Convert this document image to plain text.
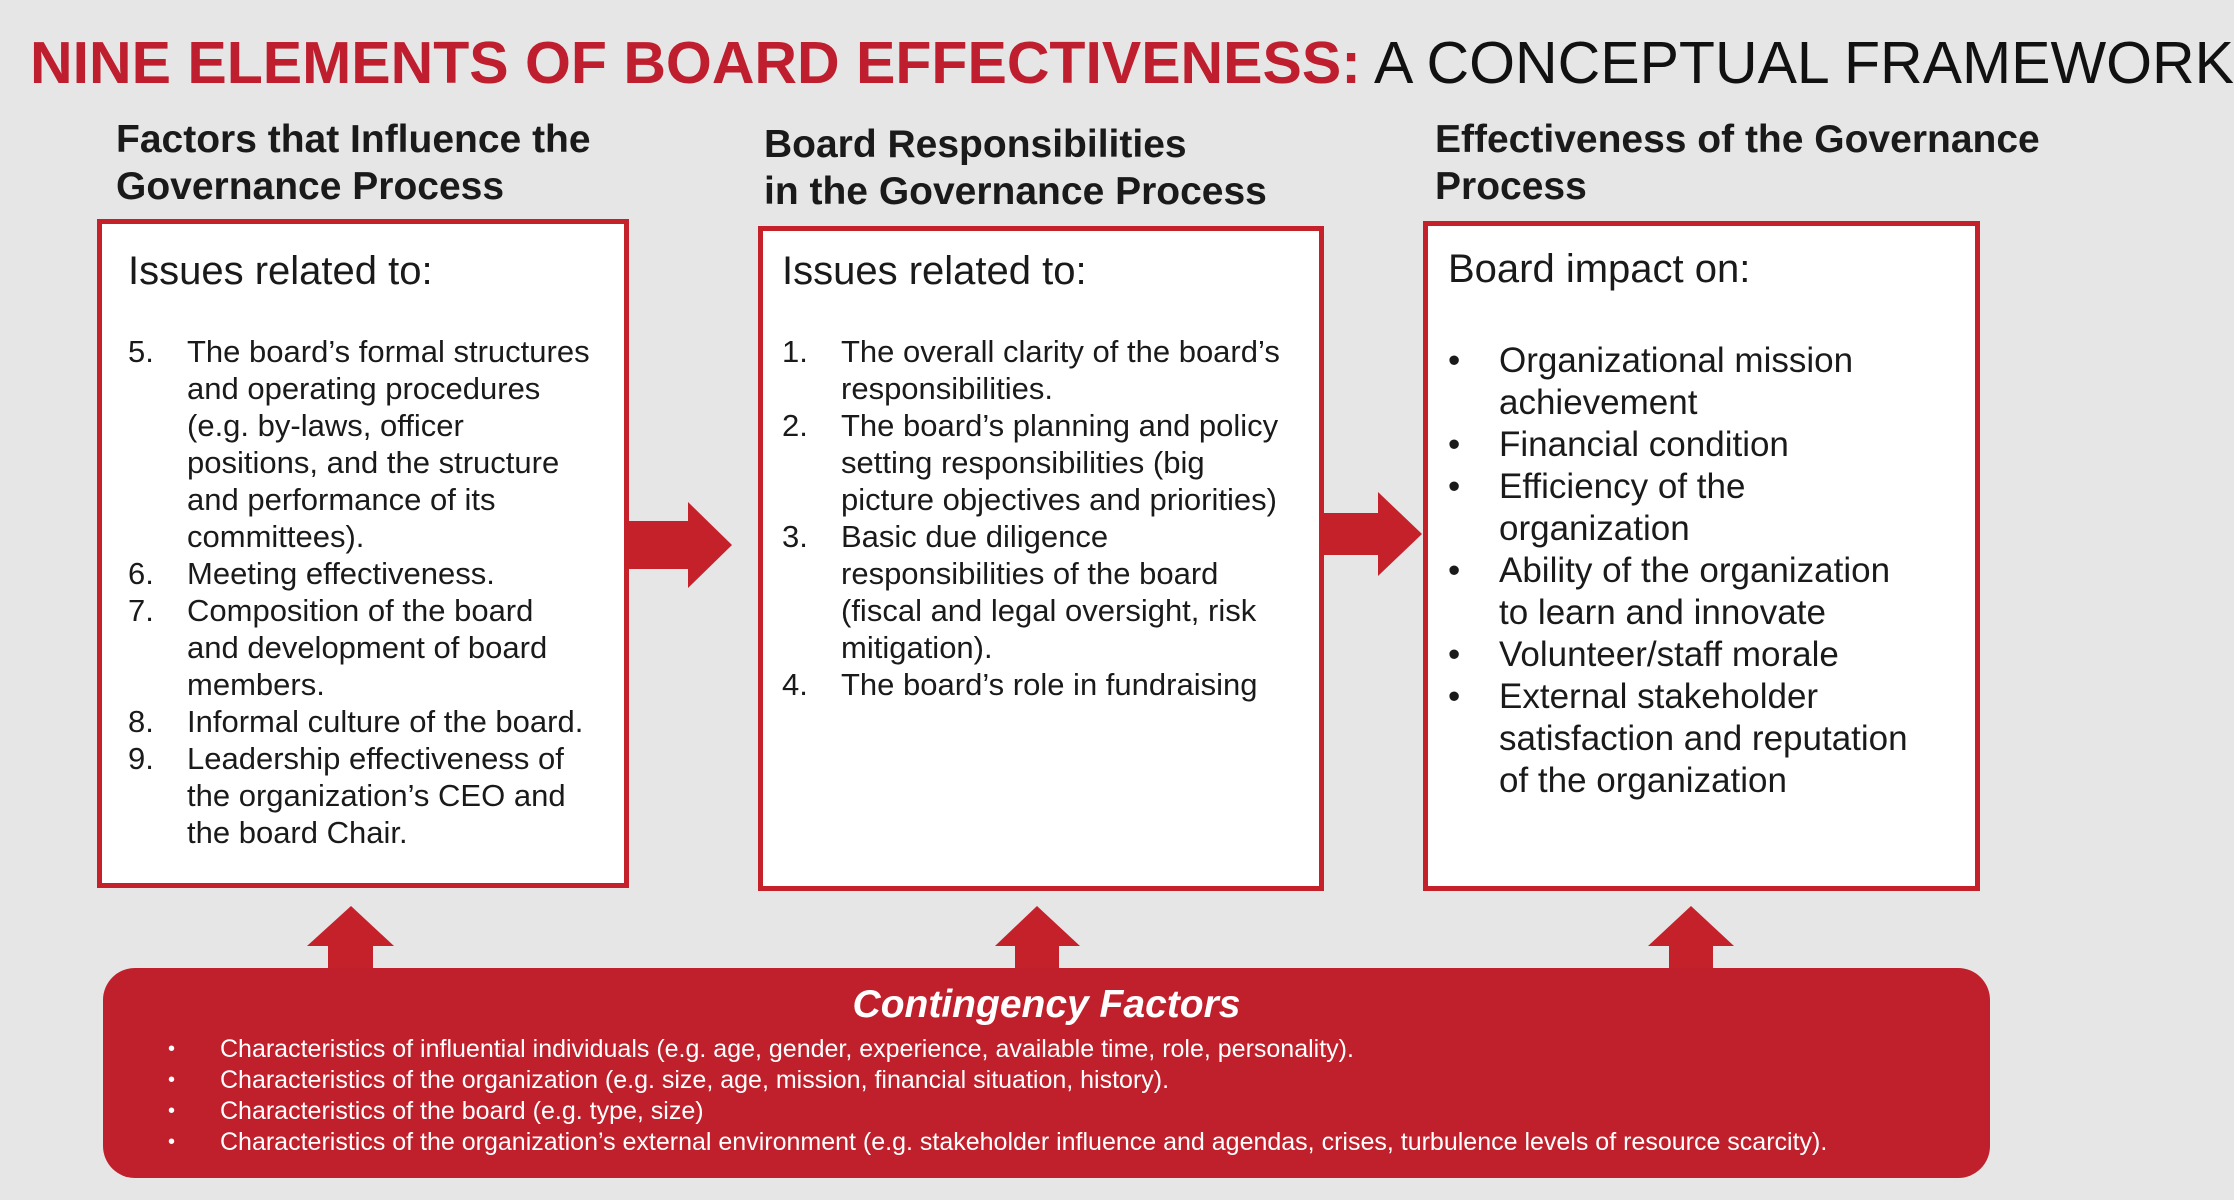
NINE ELEMENTS OF BOARD EFFECTIVENESS: A CONCEPTUAL FRAMEWORK
Factors that Influence the
Governance Process
Board Responsibilities
in the Governance Process
Effectiveness of the Governance
Process
Issues related to:
5.	The board’s formal structures
and operating procedures
(e.g. by-laws, officer
positions, and the structure
and performance of its
committees).
6.	Meeting effectiveness.
7.	Composition of the board
and development of board
members.
8.	Informal culture of the board.
9.	Leadership effectiveness of
the organization’s CEO and
the board Chair.
Issues related to:
1.	The overall clarity of the board’s
responsibilities.
2.	The board’s planning and policy
setting responsibilities (big
picture objectives and priorities)
3.	Basic due diligence
responsibilities of the board
(fiscal and legal oversight, risk
mitigation).
4.	The board’s role in fundraising
Board impact on:
•	Organizational mission
achievement
•	Financial condition
•	Efficiency of the
organization
•	Ability of the organization
to learn and innovate
•	Volunteer/staff morale
•	External stakeholder
satisfaction and reputation
of the organization
Contingency Factors
•	Characteristics of influential individuals (e.g. age, gender, experience, available time, role, personality).
•	Characteristics of the organization (e.g. size, age, mission, financial situation, history).
•	Characteristics of the board (e.g. type, size)
•	Characteristics of the organization’s external environment (e.g. stakeholder influence and agendas, crises, turbulence levels of resource scarcity).
